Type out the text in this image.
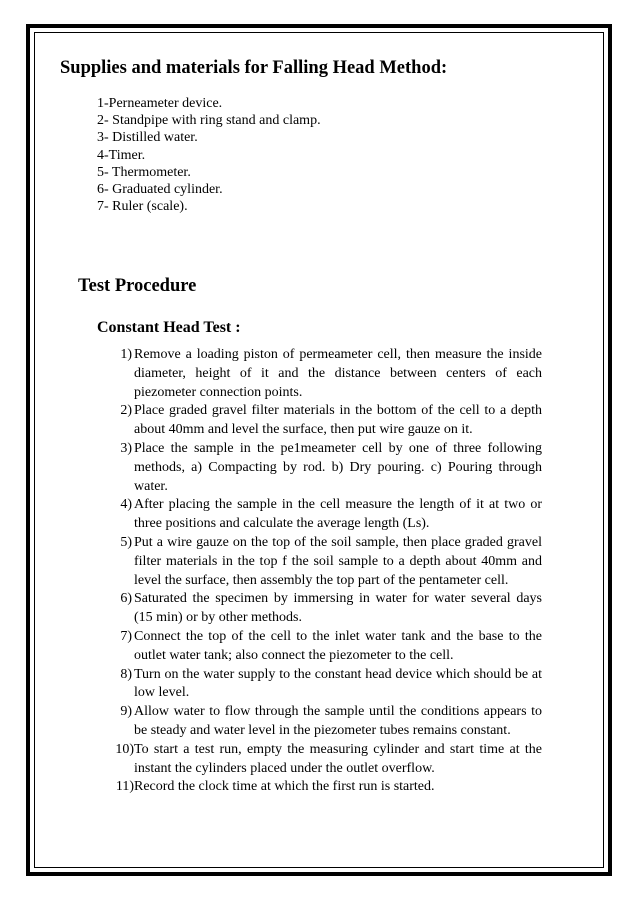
Supplies and materials for Falling Head Method:
1-Perneameter device.
2- Standpipe with ring stand and clamp.
3- Distilled water.
4-Timer.
5- Thermometer.
6- Graduated cylinder.
7- Ruler (scale).
Test Procedure
Constant Head Test :
1) Remove a loading piston of permeameter cell, then measure the inside diameter, height of it and the distance between centers of each piezometer connection points.
2) Place graded gravel filter materials in the bottom of the cell to a depth about 40mm and level the surface, then put wire gauze on it.
3) Place the sample in the pe1meameter cell by one of three following methods, a) Compacting by rod. b) Dry pouring. c) Pouring through water.
4) After placing the sample in the cell measure the length of it at two or three positions and calculate the average length (Ls).
5) Put a wire gauze on the top of the soil sample, then place graded gravel filter materials in the top f the soil sample to a depth about 40mm and level the surface, then assembly the top part of the pentameter cell.
6) Saturated the specimen by immersing in water for water several days (15 min) or by other methods.
7) Connect the top of the cell to the inlet water tank and the base to the outlet water tank; also connect the piezometer to the cell.
8) Turn on the water supply to the constant head device which should be at low level.
9) Allow water to flow through the sample until the conditions appears to be steady and water level in the piezometer tubes remains constant.
10) To start a test run, empty the measuring cylinder and start time at the instant the cylinders placed under the outlet overflow.
11) Record the clock time at which the first run is started.
